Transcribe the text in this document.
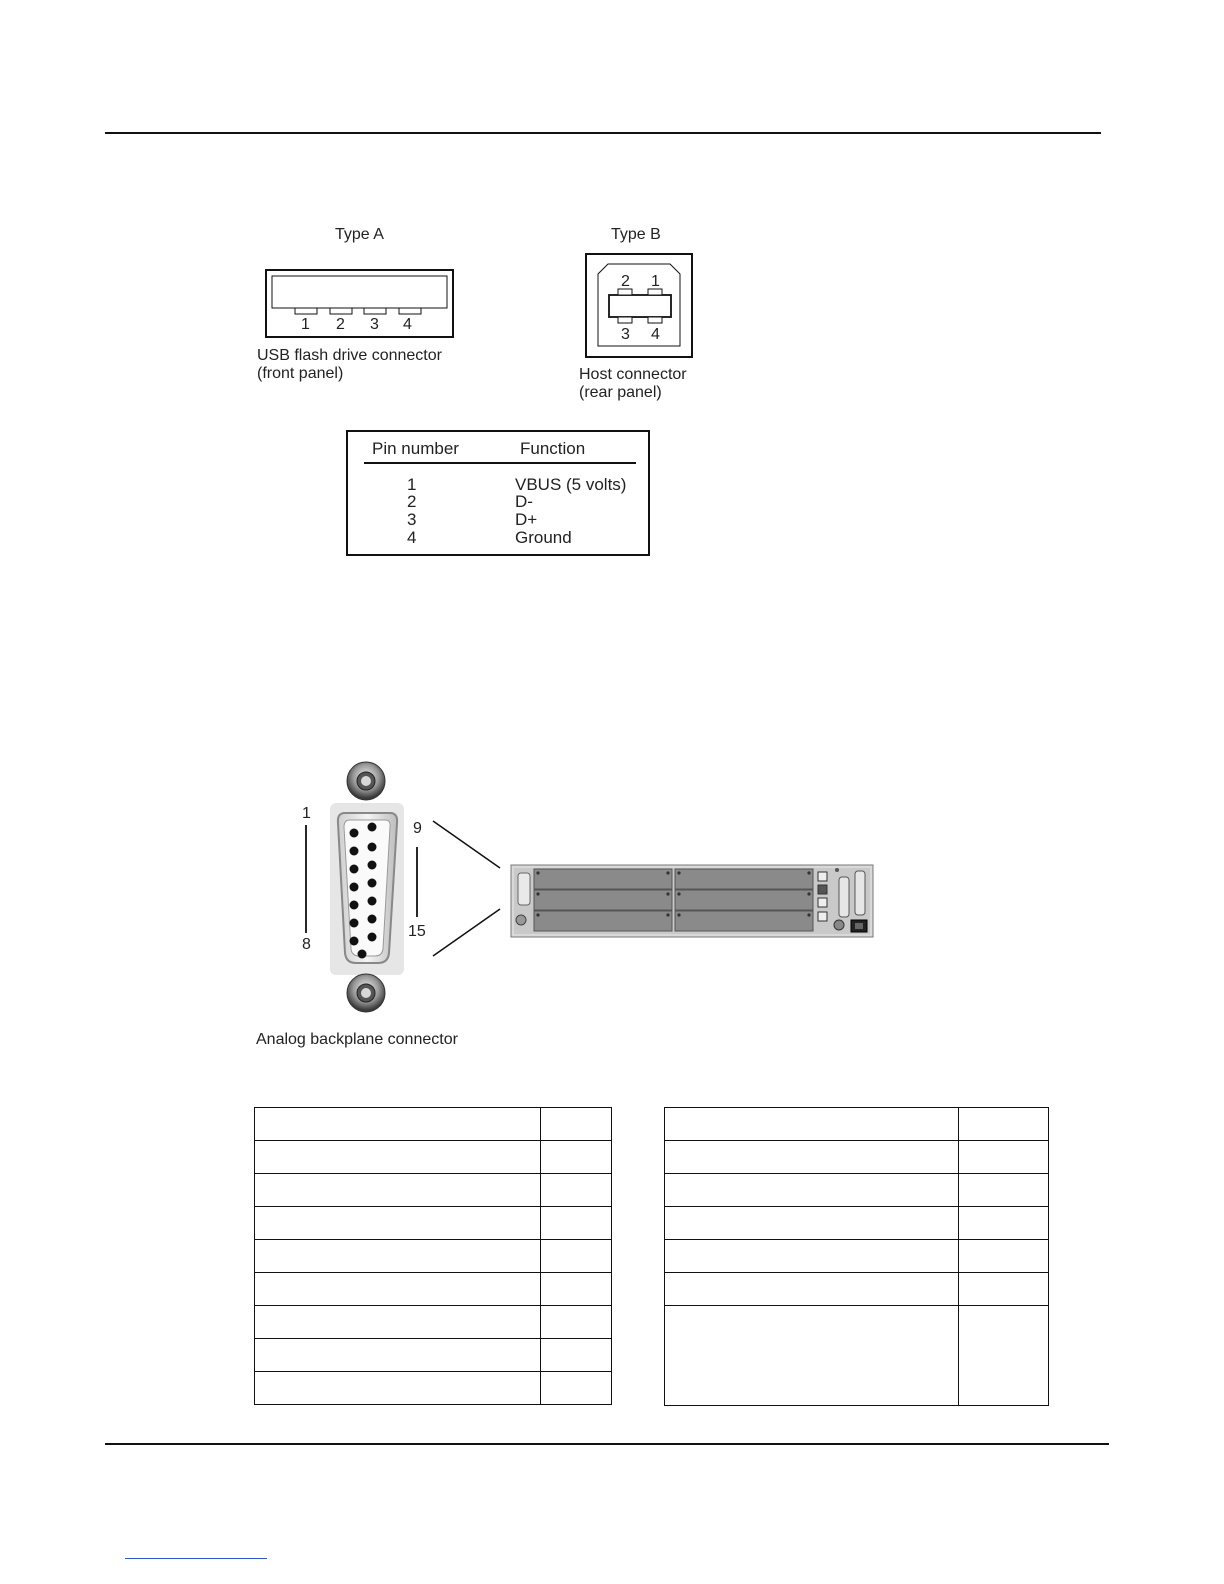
Type A	Type B
1 2 3 4
USB flash drive connector
(front panel)
2 1
3 4
Host connector
(rear panel)
Pin number	Function
1	VBUS (5 volts)
2	D-
3	D+
4	Ground
1
8
9
15
Analog backplane connector
